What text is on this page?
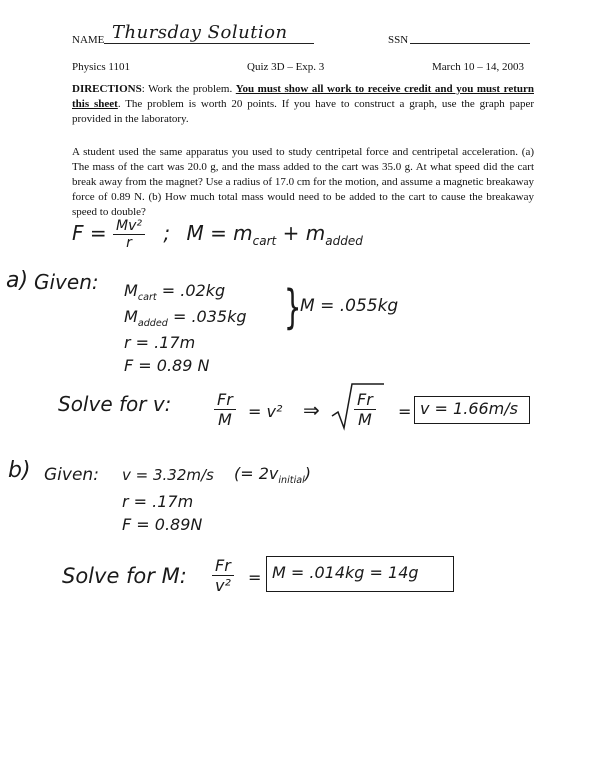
NAME Thursday Solution	SSN
Physics 1101	Quiz 3D – Exp. 3	March 10 – 14, 2003
DIRECTIONS: Work the problem. You must show all work to receive credit and you must return this sheet. The problem is worth 20 points. If you have to construct a graph, use the graph paper provided in the laboratory.
A student used the same apparatus you used to study centripetal force and centripetal acceleration. (a) The mass of the cart was 20.0 g, and the mass added to the cart was 35.0 g. At what speed did the cart break away from the magnet? Use a radius of 17.0 cm for the motion, and assume a magnetic breakaway force of 0.89 N. (b) How much total mass would need to be added to the cart to cause the breakaway speed to double?
$F = \frac{\text{Mv²}}{r}$ ; $M = m_{cart} + m_{added}$
a) Given: $M_{cart} = .02kg$
$M_{added} = .035kg$ }
M = .055kg
r = .17m
F = 0.89 N
Solve for v:	$\frac{Fr}{M} = v^2$ ⇒ $\frac{Fr}{M} = v = 1.66m/s$
b) Given: v = 3.32m/s (= $2v_{initial}$)
r = .17m
F = 0.89N
Solve for M: $\frac{Fr}{\text{v²}} = M = .014kg = 14g$
